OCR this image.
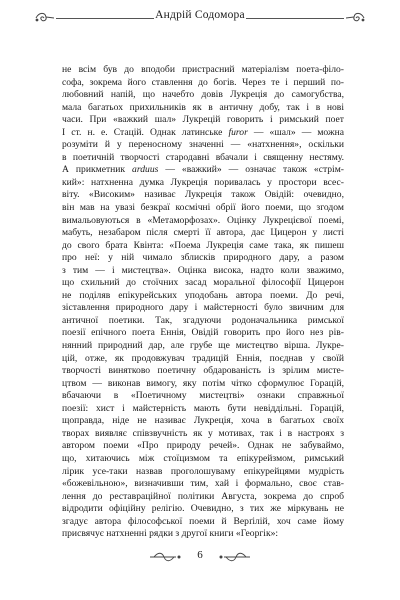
Андрій Содомора
не всім був до вподоби пристрасний матеріалізм поета-філо-
софа, зокрема його ставлення до богів. Через те і перший по-
любовний напій, що начебто довів Лукреція до самогубства,
мала багатьох прихильників як в античну добу, так і в нові
часи. При «важкий шал» Лукрецій говорить і римський поет
І ст. н. е. Стацій. Однак латинське furor — «шал» — можна
розуміти й у переносному значенні — «натхнення», оскільки
в поетичній творчості стародавні вбачали і священну нестяму.
А прикметник arduus — «важкий» — означає також «стрім-
кий»: натхненна думка Лукреція поривалась у простори всес-
віту. «Високим» називає Лукреція також Овідій: очевидно,
він мав на увазі безкраї космічні обрії його поеми, що згодом
вимальовуються в «Метаморфозах». Оцінку Лукрецієвої поемі,
мабуть, незабаром після смерті її автора, дає Цицерон у листі
до свого брата Квінта: «Поема Лукреція саме така, як пишеш
про неї: у ній чимало зблисків природного дару, а разом
з тим — і мистецтва». Оцінка висока, надто коли зважимо,
що схильний до стоїчних засад моральної філософії Цицерон
не поділяв епікурейських уподобань автора поеми. До речі,
зіставлення природного дару і майстерності було звичним для
античної поетики. Так, згадуючи родоначальника римської
поезії епічного поета Еннія, Овідій говорить про його нез рів-
нянний природний дар, але грубе ще мистецтво вірша. Лукре-
цій, отже, як продовжувач традицій Еннія, поєднав у своїй
творчості винятково поетичну обдарованість із зрілим мисте-
цтвом — виконав вимогу, яку потім чітко сформулює Горацій,
вбачаючи в «Поетичному мистецтві» ознаки справжньої
поезії: хист і майстерність мають бути невіддільні. Горацій,
щоправда, ніде не називає Лукреція, хоча в багатьох своїх
творах виявляє співзвучність як у мотивах, так і в настроях з
автором поеми «Про природу речей». Однак не забуваймо,
що, хитаючись між стоїцизмом та епікурейзмом, римський
лірик усе-таки назвав проголошуваму епікурейцями мудрість
«божевільною», визначивши тим, хай і формально, своє став-
лення до реставраційної політики Августа, зокрема до спроб
відродити офіційну релігію. Очевидно, з тих же міркувань не
згадує автора філософської поеми й Верґілій, хоч саме йому
присвячує натхненні рядки з другої книги «Георгік»:
6
